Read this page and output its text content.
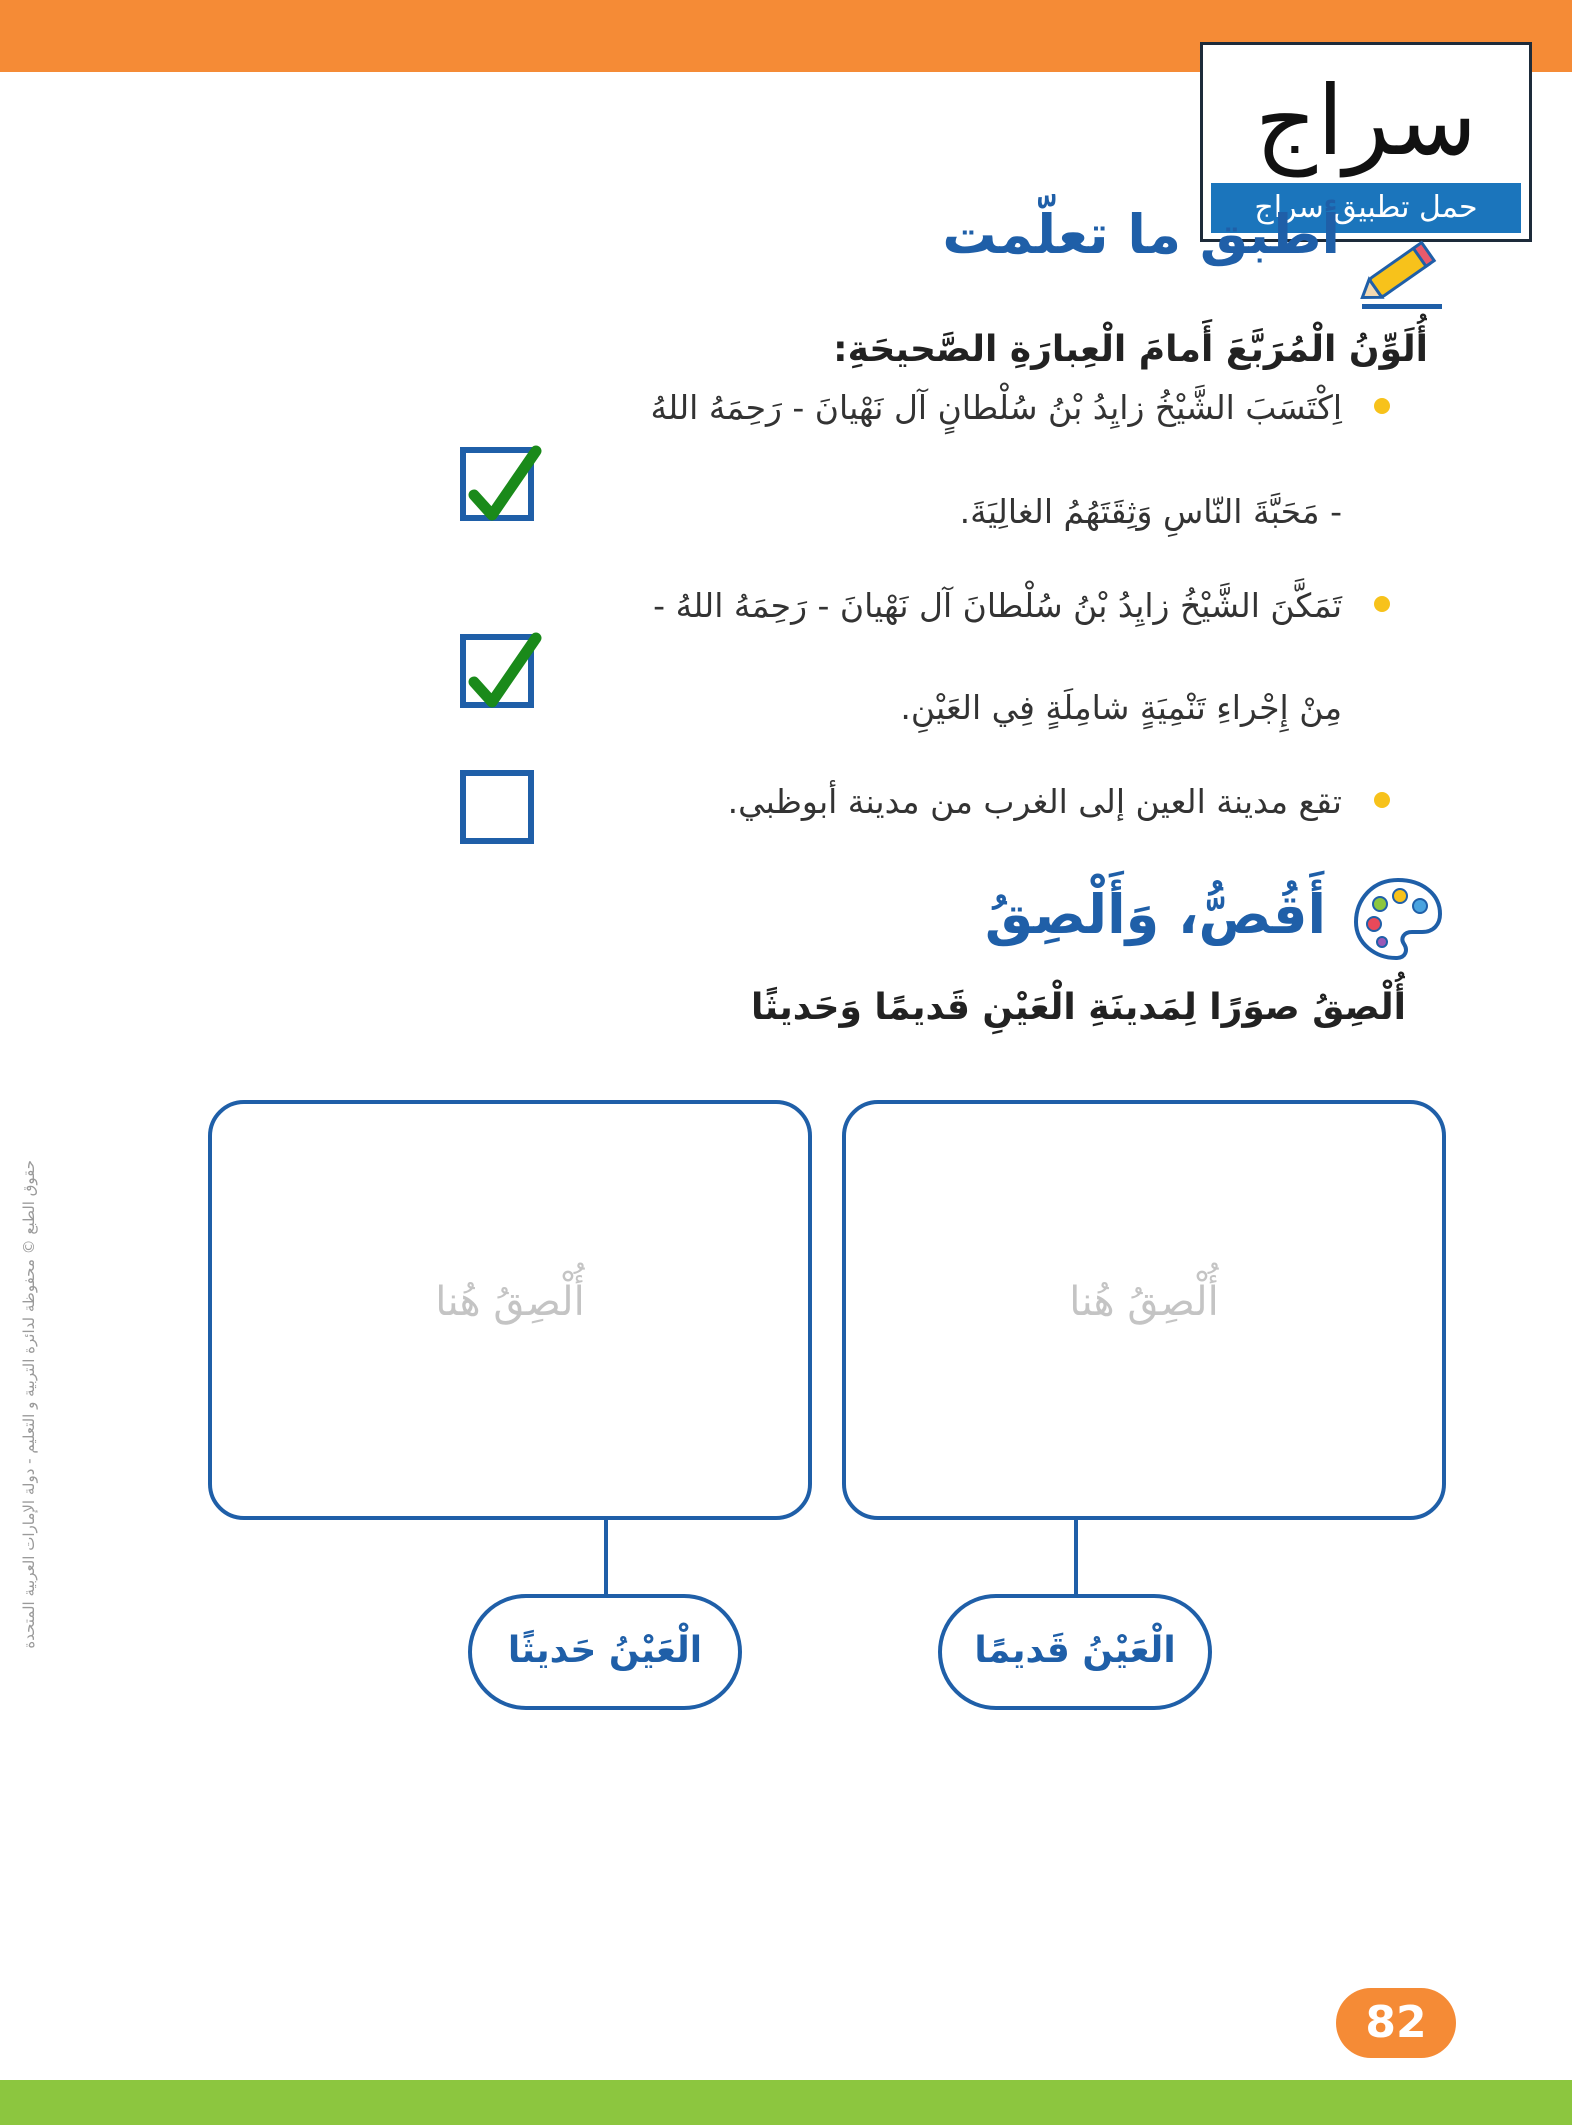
سراج
حمل تطبيق سراج
أطبق ما تعلّمت
أُلَوِّنُ الْمُرَبَّعَ أَمامَ الْعِبارَةِ الصَّحيحَةِ:
اِكْتَسَبَ الشَّيْخُ زايِدُ بْنُ سُلْطانٍ آل نَهْيانَ - رَحِمَهُ اللهُ
- مَحَبَّةَ النّاسِ وَثِقَتَهُمُ الغالِيَةَ.
تَمَكَّنَ الشَّيْخُ زايِدُ بْنُ سُلْطانَ آل نَهْيانَ - رَحِمَهُ اللهُ -
مِنْ إِجْراءِ تَنْمِيَةٍ شامِلَةٍ فِي العَيْنِ.
تقع مدينة العين إلى الغرب من مدينة أبوظبي.
أَقُصُّ، وَأَلْصِقُ
أُلْصِقُ صوَرًا لِمَدينَةِ الْعَيْنِ قَديمًا وَحَديثًا
أُلْصِقُ هُنا
أُلْصِقُ هُنا
الْعَيْنُ قَديمًا
الْعَيْنُ حَديثًا
حقوق الطبع © محفوظة لدائرة التربية و التعليم - دولة الإمارات العربية المتحدة
82
